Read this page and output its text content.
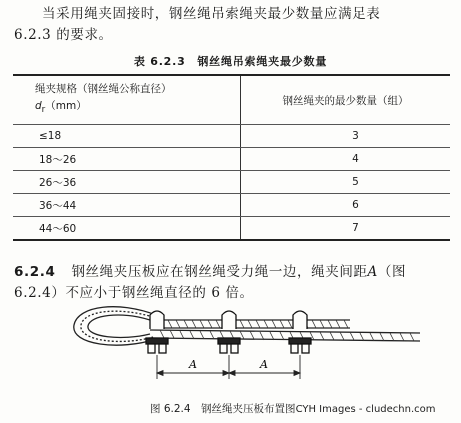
当采用绳夹固接时，钢丝绳吊索绳夹最少数量应满足表
6.2.3 的要求。
表 6.2.3　钢丝绳吊索绳夹最少数量
绳夹规格（钢丝绳公称直径）
$d_r(mm)$	钢丝绳夹的最少数量（组）
≤18	3
18～26	4
26～36	5
36～44	6
44～60	7
6.2.4 钢丝绳夹压板应在钢丝绳受力绳一边，绳夹间距A（图
6.2.4）不应小于钢丝绳直径的 6 倍。
A	A
图 6.2.4　钢丝绳夹压板布置图CYH Images - cludechn.com
